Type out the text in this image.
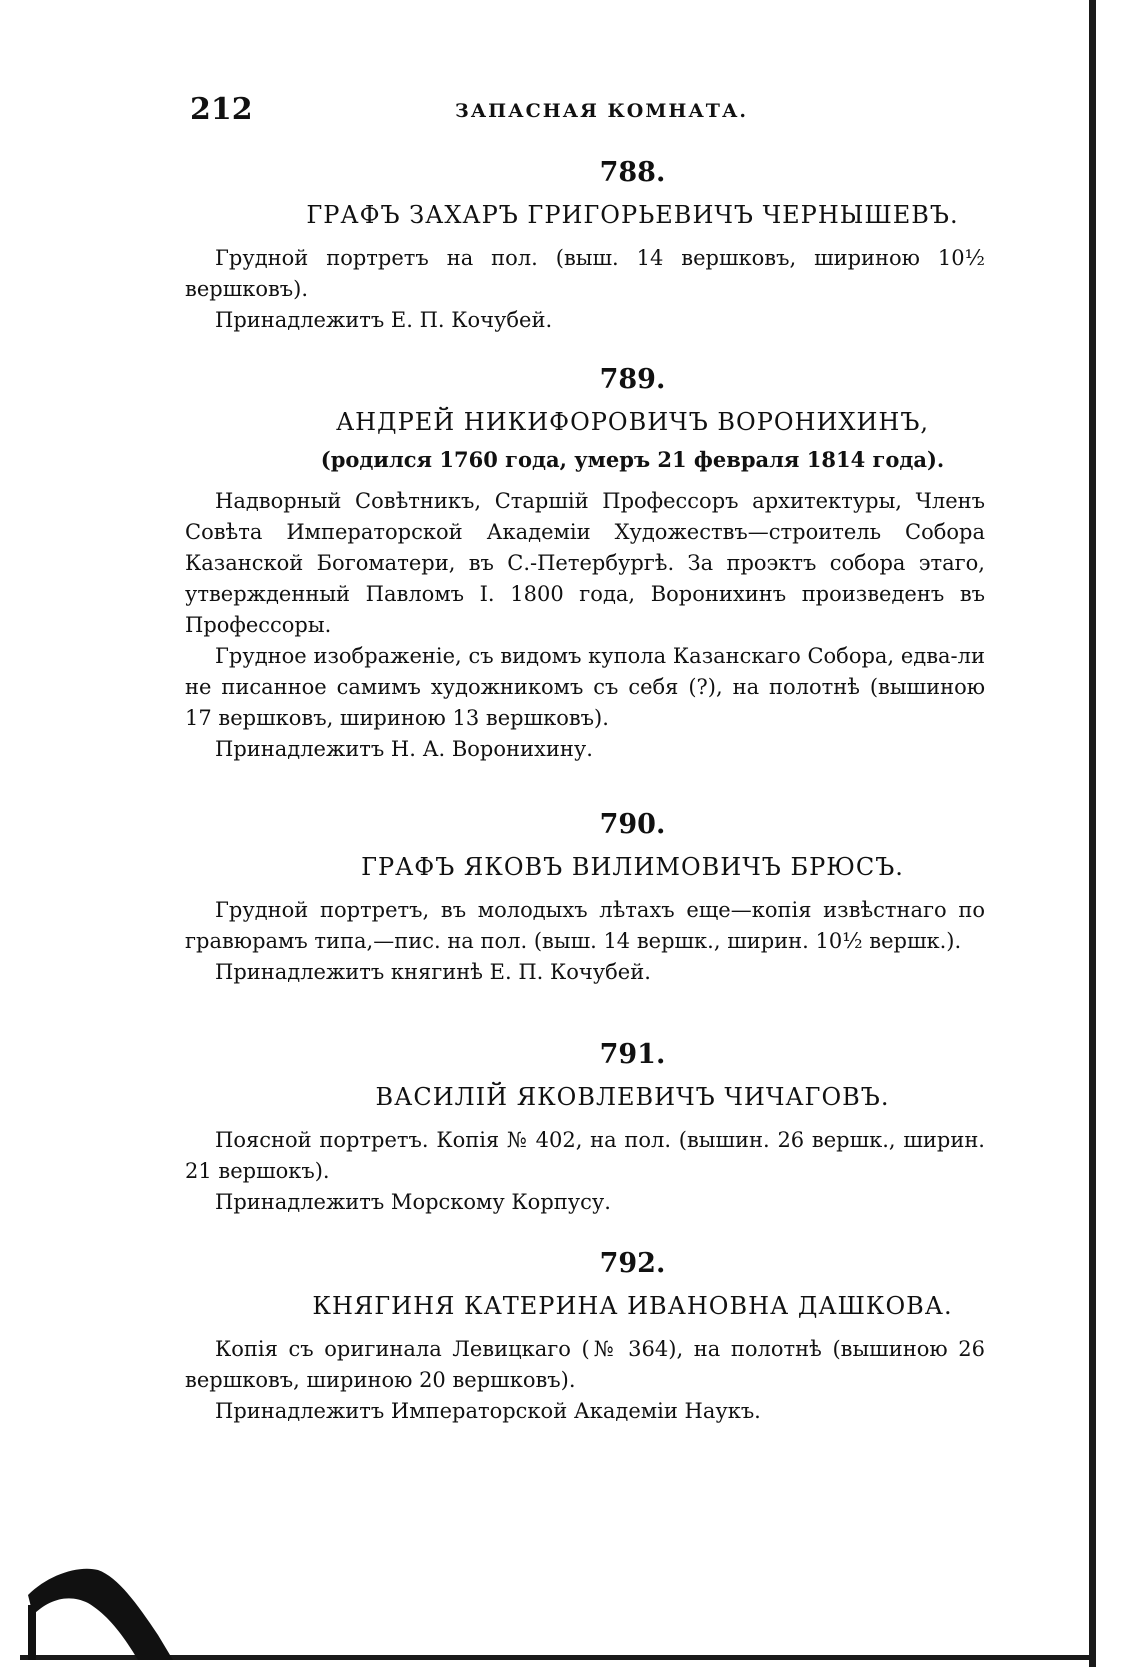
212	ЗАПАСНАЯ КОМНАТА.
788.
ГРАФЪ ЗАХАРЪ ГРИГОРЬЕВИЧЪ ЧЕРНЫШЕВЪ.

Грудной портретъ на пол. (выш. 14 вершковъ, шириною 10½ вершковъ).

Принадлежитъ Е. П. Кочубей.

789.
АНДРЕЙ НИКИФОРОВИЧЪ ВОРОНИХИНЪ,
(родился 1760 года, умеръ 21 февраля 1814 года).

Надворный Совѣтникъ, Старшій Профессоръ архитектуры, Членъ Совѣта Императорской Академіи Художествъ—строитель Собора Казанской Богоматери, въ С.-Петербургѣ. За проэктъ собора этаго, утвержденный Павломъ I. 1800 года, Воронихинъ произведенъ въ Профессоры.

Грудное изображеніе, съ видомъ купола Казанскаго Собора, едва-ли не писанное самимъ художникомъ съ себя (?), на полотнѣ (вышиною 17 вершковъ, шириною 13 вершковъ).

Принадлежитъ Н. А. Воронихину.

790.
ГРАФЪ ЯКОВЪ ВИЛИМОВИЧЪ БРЮСЪ.

Грудной портретъ, въ молодыхъ лѣтахъ еще—копія извѣстнаго по гравюрамъ типа,—пис. на пол. (выш. 14 вершк., ширин. 10½ вершк.).

Принадлежитъ княгинѣ Е. П. Кочубей.

791.
ВАСИЛІЙ ЯКОВЛЕВИЧЪ ЧИЧАГОВЪ.

Поясной портретъ. Копія № 402, на пол. (вышин. 26 вершк., ширин. 21 вершокъ).

Принадлежитъ Морскому Корпусу.

792.
КНЯГИНЯ КАТЕРИНА ИВАНОВНА ДАШКОВА.

Копія съ оригинала Левицкаго (№ 364), на полотнѣ (вышиною 26 вершковъ, шириною 20 вершковъ).

Принадлежитъ Императорской Академіи Наукъ.
